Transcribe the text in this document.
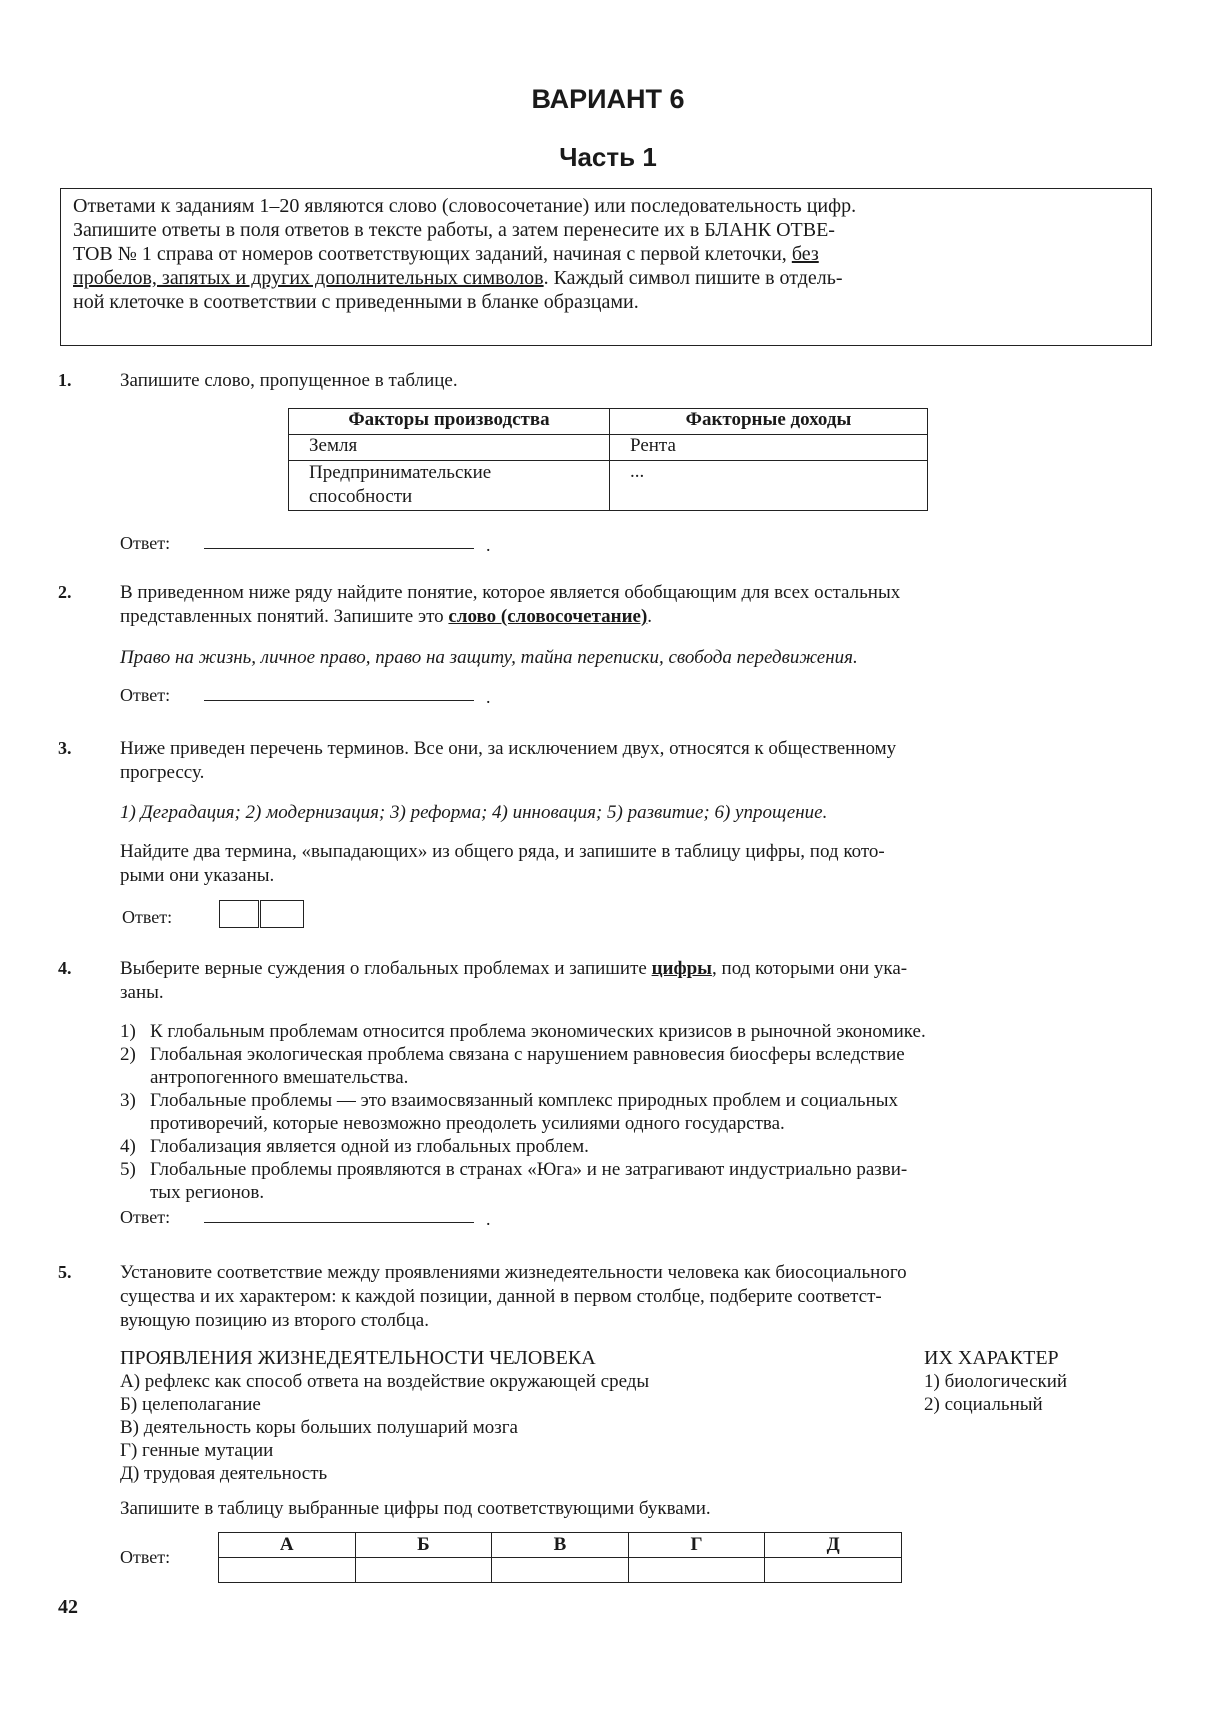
ВАРИАНТ 6
Часть 1
Ответами к заданиям 1–20 являются слово (словосочетание) или последовательность цифр.
Запишите ответы в поля ответов в тексте работы, а затем перенесите их в БЛАНК ОТВЕ-
ТОВ № 1 справа от номеров соответствующих заданий, начиная с первой клеточки, без
пробелов, запятых и других дополнительных символов. Каждый символ пишите в отдель-
ной клеточке в соответствии с приведенными в бланке образцами.
1.	Запишите слово, пропущенное в таблице.
Факторы производства	Факторные доходы
Земля	Рента
Предпринимательские способности	...
Ответ:	.
2.	В приведенном ниже ряду найдите понятие, которое является обобщающим для всех остальных
представленных понятий. Запишите это слово (словосочетание).
Право на жизнь, личное право, право на защиту, тайна переписки, свобода передвижения.
Ответ:	.
3.	Ниже приведен перечень терминов. Все они, за исключением двух, относятся к общественному
прогрессу.
1) Деградация; 2) модернизация; 3) реформа; 4) инновация; 5) развитие; 6) упрощение.
Найдите два термина, «выпадающих» из общего ряда, и запишите в таблицу цифры, под кото-
рыми они указаны.
Ответ:
4.	Выберите верные суждения о глобальных проблемах и запишите цифры, под которыми они ука-
заны.
1) К глобальным проблемам относится проблема экономических кризисов в рыночной экономике.
2) Глобальная экологическая проблема связана с нарушением равновесия биосферы вследствие
антропогенного вмешательства.
3) Глобальные проблемы — это взаимосвязанный комплекс природных проблем и социальных
противоречий, которые невозможно преодолеть усилиями одного государства.
4) Глобализация является одной из глобальных проблем.
5) Глобальные проблемы проявляются в странах «Юга» и не затрагивают индустриально разви-
тых регионов.
Ответ:	.
5.	Установите соответствие между проявлениями жизнедеятельности человека как биосоциального
существа и их характером: к каждой позиции, данной в первом столбце, подберите соответст-
вующую позицию из второго столбца.
ПРОЯВЛЕНИЯ ЖИЗНЕДЕЯТЕЛЬНОСТИ ЧЕЛОВЕКА
А) рефлекс как способ ответа на воздействие окружающей среды
Б) целеполагание
В) деятельность коры больших полушарий мозга
Г) генные мутации
Д) трудовая деятельность
ИХ ХАРАКТЕР
1) биологический
2) социальный
Запишите в таблицу выбранные цифры под соответствующими буквами.
Ответ:
А	Б	В	Г	Д

42
